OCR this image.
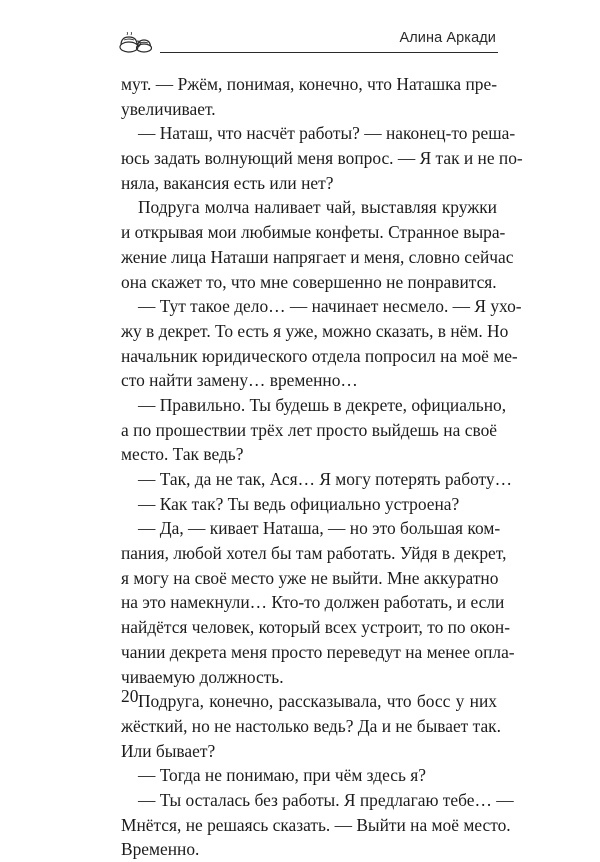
Алина Аркади

мут. — Ржём, понимая, конечно, что Наташка пре-
увеличивает.

— Наташ, что насчёт работы? — наконец-то реша-
юсь задать волнующий меня вопрос. — Я так и не по-
няла, вакансия есть или нет?

Подруга молча наливает чай, выставляя кружки
и открывая мои любимые конфеты. Странное выра-
жение лица Наташи напрягает и меня, словно сейчас
она скажет то, что мне совершенно не понравится.

— Тут такое дело… — начинает несмело. — Я ухо-
жу в декрет. То есть я уже, можно сказать, в нём. Но
начальник юридического отдела попросил на моё ме-
сто найти замену… временно…

— Правильно. Ты будешь в декрете, официально,
а по прошествии трёх лет просто выйдешь на своё
место. Так ведь?

— Так, да не так, Ася… Я могу потерять работу…

— Как так? Ты ведь официально устроена?

— Да, — кивает Наташа, — но это большая ком-
пания, любой хотел бы там работать. Уйдя в декрет,
я могу на своё место уже не выйти. Мне аккуратно
на это намекнули… Кто-то должен работать, и если
найдётся человек, который всех устроит, то по окон-
чании декрета меня просто переведут на менее опла-
чиваемую должность.

Подруга, конечно, рассказывала, что босс у них
жёсткий, но не настолько ведь? Да и не бывает так.
Или бывает?

— Тогда не понимаю, при чём здесь я?

— Ты осталась без работы. Я предлагаю тебе… —
Мнётся, не решаясь сказать. — Выйти на моё место.
Временно.

20
